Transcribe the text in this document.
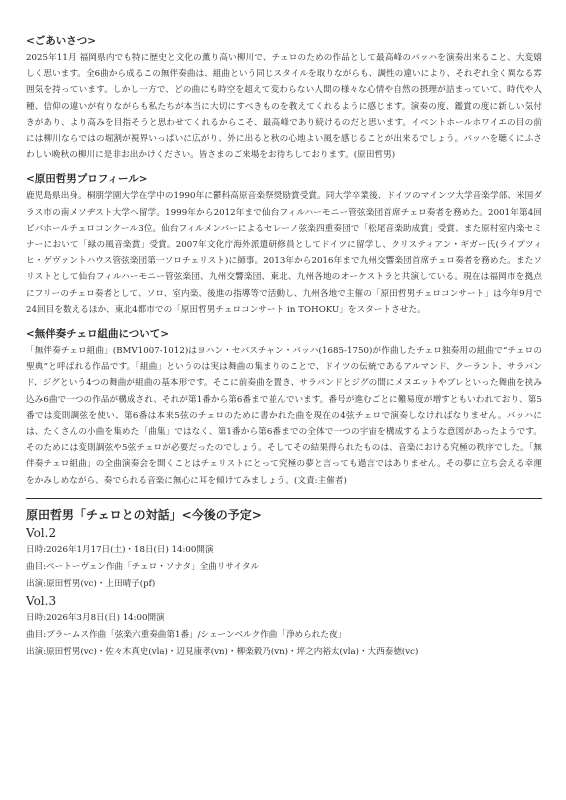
<ごあいさつ>

2025年11月 福岡県内でも特に歴史と文化の薫り高い柳川で、チェロのための作品として最高峰のバッハを演奏出来ること、大変嬉しく思います。全6曲から成るこの無伴奏曲は、組曲という同じスタイルを取りながらも、調性の違いにより、それぞれ全く異なる雰囲気を持っています。しかし一方で、どの曲にも時空を超えて変わらない人間の様々な心情や自然の摂理が詰まっていて、時代や人種、信仰の違いが有りながらも私たちが本当に大切にすべきものを教えてくれるように感じます。演奏の度、鑑賞の度に新しい気付きがあり、より高みを目指そうと思わせてくれるからこそ、最高峰であり続けるのだと思います。イベントホールホワイエの目の前には柳川ならではの堀割が視界いっぱいに広がり、外に出ると秋の心地よい風を感じることが出来るでしょう。バッハを聴くにふさわしい晩秋の柳川に是非お出かけください。皆さまのご来場をお待ちしております。(原田哲男)

<原田哲男プロフィール>

鹿児島県出身。桐朋学園大学在学中の1990年に鬱科高原音楽祭奨励賞受賞。同大学卒業後、ドイツのマインツ大学音楽学部、米国ダラス市の南メソヂスト大学へ留学。1999年から2012年まで仙台フィルハーモニー管弦楽団首席チェロ奏者を務めた。2001年第4回ビバホールチェロコンクール3位。仙台フィルメンバーによるセレーノ弦楽四重奏団で「松尾音楽助成賞」受賞、また原村室内楽セミナーにおいて「緑の風音楽賞」受賞。2007年文化庁海外派遣研修員としてドイツに留学し、クリスティアン・ギガー氏(ライプツィヒ・ゲヴァントハウス管弦楽団第一ソロチェリスト)に師事。2013年から2016年まで九州交響楽団首席チェロ奏者を務めた。またソリストとして仙台フィルハーモニー管弦楽団、九州交響楽団、東北、九州各地のオーケストラと共演している。現在は福岡市を拠点にフリーのチェロ奏者として、ソロ、室内楽、後進の指導等で活動し、九州各地で主催の「原田哲男チェロコンサート」は今年9月で24回目を数えるほか、東北4都市での「原田哲男チェロコンサート in TOHOKU」をスタートさせた。

<無伴奏チェロ組曲について>

「無伴奏チェロ組曲」(BMV1007-1012)はヨハン・セバスチャン・バッハ(1685-1750)が作曲したチェロ独奏用の組曲で“チェロの聖典”と呼ばれる作品です。「組曲」というのは実は舞曲の集まりのことで、ドイツの伝統であるアルマンド、クーラント、サラバンド、ジグという4つの舞曲が組曲の基本形です。そこに前奏曲を置き、サラバンドとジグの間にメヌエットやブレといった舞曲を挟み込み6曲で一つの作品が構成され、それが第1番から第6番まで並んでいます。番号が進むごとに難易度が増すともいわれており、第5番では変則調弦を使い、第6番は本来5弦のチェロのために書かれた曲を現在の4弦チェロで演奏しなければなりません。バッハには、たくさんの小曲を集めた「曲集」ではなく、第1番から第6番までの全体で一つの宇宙を構成するような意図があったようです。そのためには変則調弦や5弦チェロが必要だったのでしょう。そしてその結果得られたものは、音楽における究極の秩序でした。「無伴奏チェロ組曲」の全曲演奏会を開くことはチェリストにとって究極の夢と言っても過言ではありません。その夢に立ち会える幸運をかみしめながら、奏でられる音楽に無心に耳を傾けてみましょう。(文責:主催者)

原田哲男「チェロとの対話」<今後の予定>

Vol.2

日時:2026年1月17日(土)・18日(日) 14:00開演

曲目:ベートーヴェン作曲「チェロ・ソナタ」全曲リサイタル

出演:原田哲男(vc)・上田晴子(pf)

Vol.3

日時:2026年3月8日(日) 14:00開演

曲目:ブラームス作曲「弦楽六重奏曲第1番」/シェーンベルク作曲「浄められた夜」

出演:原田哲男(vc)・佐々木真史(vla)・辺見康孝(vn)・柳楽毅乃(vn)・坪之内裕太(vla)・大西泰徳(vc)
